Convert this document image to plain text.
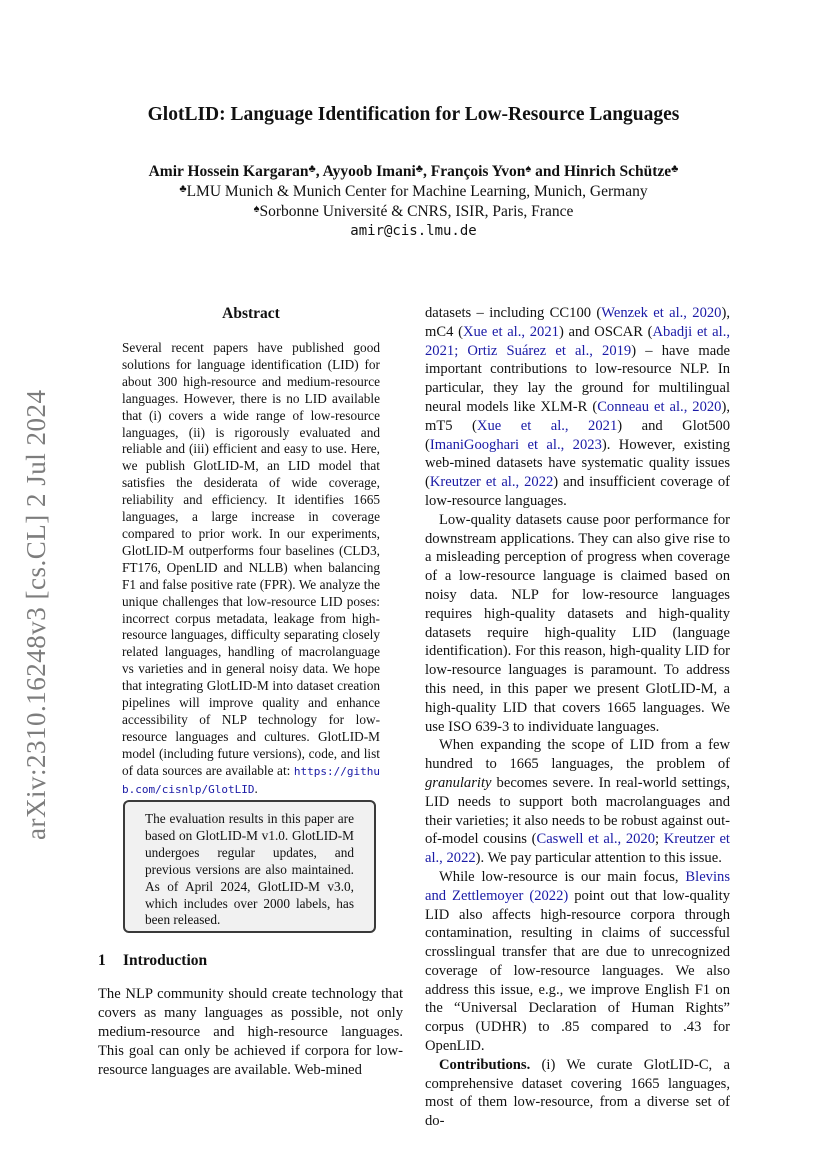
arXiv:2310.16248v3 [cs.CL] 2 Jul 2024
GlotLID: Language Identification for Low-Resource Languages
Amir Hossein Kargaran♣, Ayyoob Imani♣, François Yvon♠ and Hinrich Schütze♣
♣LMU Munich & Munich Center for Machine Learning, Munich, Germany
♠Sorbonne Université & CNRS, ISIR, Paris, France
amir@cis.lmu.de
Abstract
Several recent papers have published good solutions for language identification (LID) for about 300 high-resource and medium-resource languages. However, there is no LID available that (i) covers a wide range of low-resource languages, (ii) is rigorously evaluated and reliable and (iii) efficient and easy to use. Here, we publish GlotLID-M, an LID model that satisfies the desiderata of wide coverage, reliability and efficiency. It identifies 1665 languages, a large increase in coverage compared to prior work. In our experiments, GlotLID-M outperforms four baselines (CLD3, FT176, OpenLID and NLLB) when balancing F1 and false positive rate (FPR). We analyze the unique challenges that low-resource LID poses: incorrect corpus metadata, leakage from high-resource languages, difficulty separating closely related languages, handling of macrolanguage vs varieties and in general noisy data. We hope that integrating GlotLID-M into dataset creation pipelines will improve quality and enhance accessibility of NLP technology for low-resource languages and cultures. GlotLID-M model (including future versions), code, and list of data sources are available at: https://github.com/cisnlp/GlotLID.
The evaluation results in this paper are based on GlotLID-M v1.0. GlotLID-M undergoes regular updates, and previous versions are also maintained. As of April 2024, GlotLID-M v3.0, which includes over 2000 labels, has been released.
1 Introduction
The NLP community should create technology that covers as many languages as possible, not only medium-resource and high-resource languages. This goal can only be achieved if corpora for low-resource languages are available. Web-mined

datasets – including CC100 (Wenzek et al., 2020), mC4 (Xue et al., 2021) and OSCAR (Abadji et al., 2021; Ortiz Suárez et al., 2019) – have made important contributions to low-resource NLP. In particular, they lay the ground for multilingual neural models like XLM-R (Conneau et al., 2020), mT5 (Xue et al., 2021) and Glot500 (ImaniGooghari et al., 2023). However, existing web-mined datasets have systematic quality issues (Kreutzer et al., 2022) and insufficient coverage of low-resource languages.

Low-quality datasets cause poor performance for downstream applications. They can also give rise to a misleading perception of progress when coverage of a low-resource language is claimed based on noisy data. NLP for low-resource languages requires high-quality datasets and high-quality datasets require high-quality LID (language identification). For this reason, high-quality LID for low-resource languages is paramount. To address this need, in this paper we present GlotLID-M, a high-quality LID that covers 1665 languages. We use ISO 639-3 to individuate languages.

When expanding the scope of LID from a few hundred to 1665 languages, the problem of granularity becomes severe. In real-world settings, LID needs to support both macrolanguages and their varieties; it also needs to be robust against out-of-model cousins (Caswell et al., 2020; Kreutzer et al., 2022). We pay particular attention to this issue.

While low-resource is our main focus, Blevins and Zettlemoyer (2022) point out that low-quality LID also affects high-resource corpora through contamination, resulting in claims of successful crosslingual transfer that are due to unrecognized coverage of low-resource languages. We also address this issue, e.g., we improve English F1 on the “Universal Declaration of Human Rights” corpus (UDHR) to .85 compared to .43 for OpenLID.

Contributions. (i) We curate GlotLID-C, a comprehensive dataset covering 1665 languages, most of them low-resource, from a diverse set of do-
